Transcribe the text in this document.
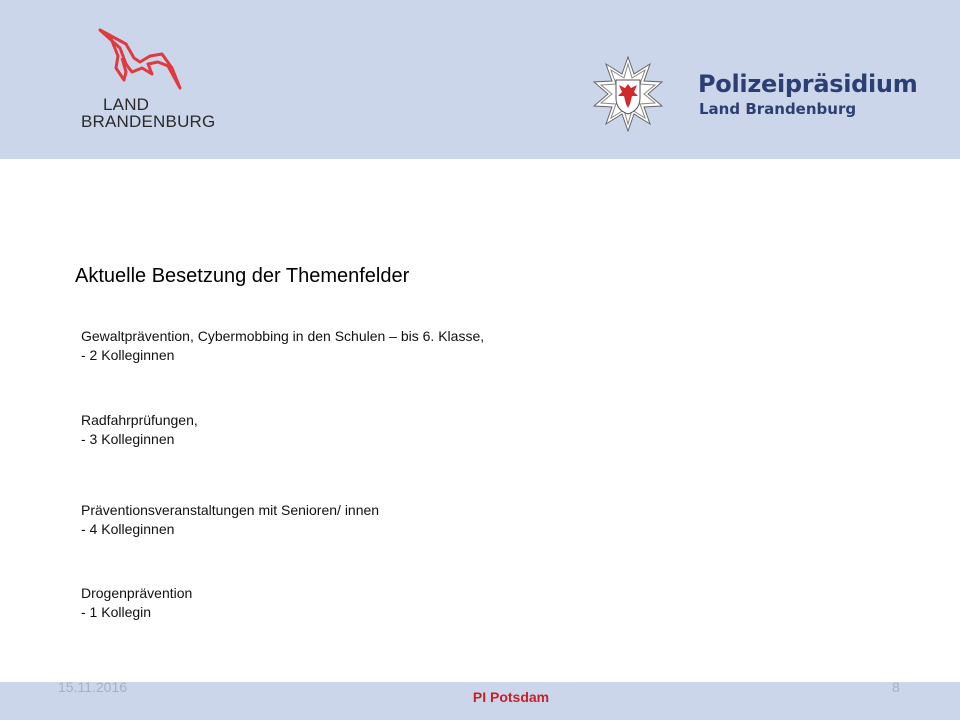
LAND
BRANDENBURG
Polizeipräsidium
Land Brandenburg
Aktuelle Besetzung der Themenfelder
Gewaltprävention, Cybermobbing in den Schulen – bis 6. Klasse,
- 2 Kolleginnen
Radfahrprüfungen,
- 3 Kolleginnen
Präventionsveranstaltungen mit Senioren/ innen
- 4 Kolleginnen
Drogenprävention
- 1 Kollegin
15.11.2016
PI Potsdam
8
